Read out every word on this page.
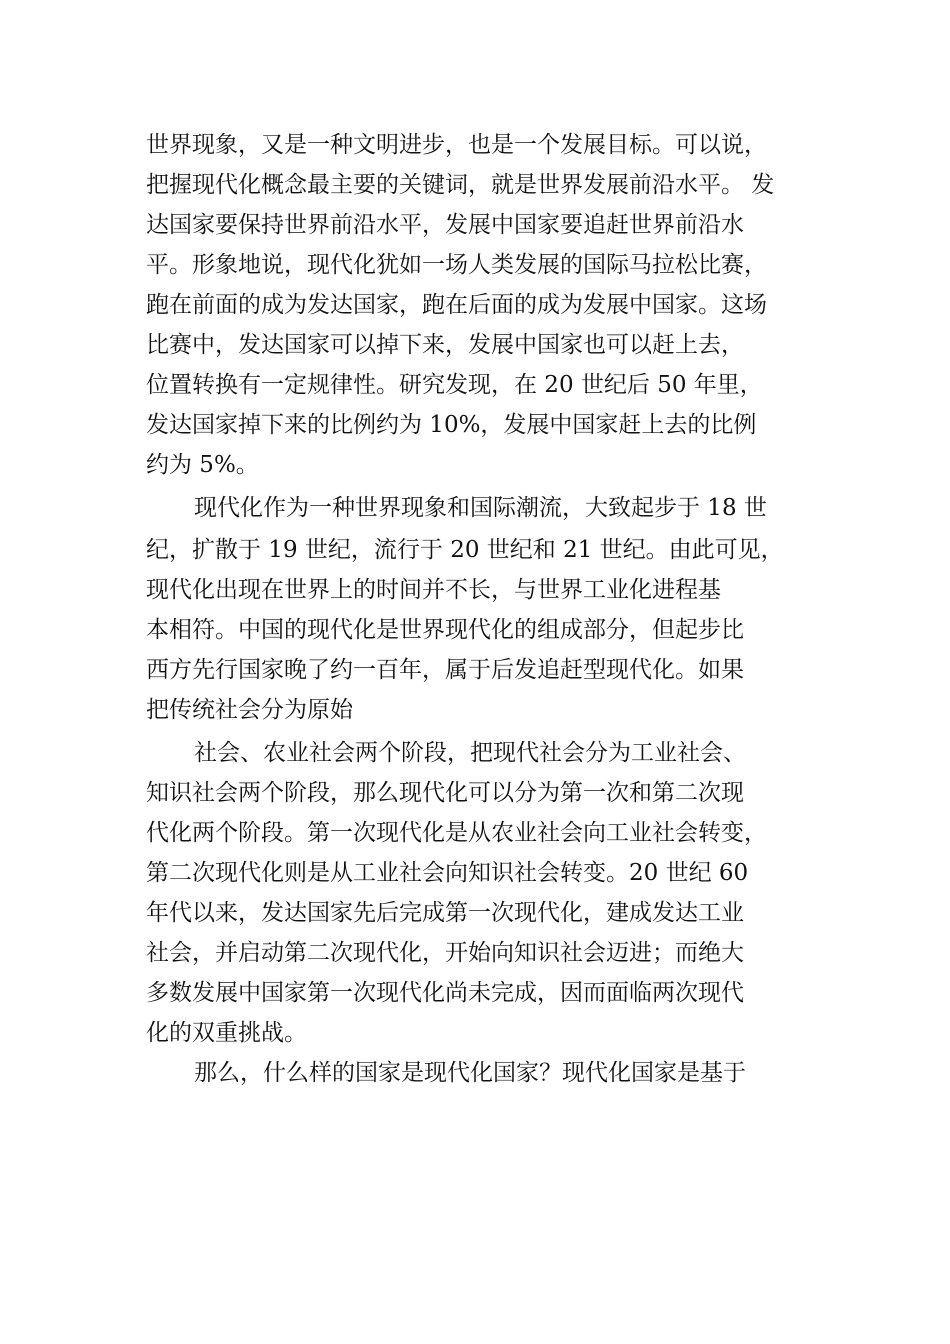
世界现象，又是一种文明进步，也是一个发展目标。可以说，
把握现代化概念最主要的关键词，就是世界发展前沿水平。 发
达国家要保持世界前沿水平，发展中国家要追赶世界前沿水
平。形象地说，现代化犹如一场人类发展的国际马拉松比赛，
跑在前面的成为发达国家，跑在后面的成为发展中国家。这场
比赛中，发达国家可以掉下来，发展中国家也可以赶上去，
位置转换有一定规律性。研究发现，在 20 世纪后 50 年里，
发达国家掉下来的比例约为 10%，发展中国家赶上去的比例
约为 5%。
现代化作为一种世界现象和国际潮流，大致起步于 18 世
纪，扩散于 19 世纪，流行于 20 世纪和 21 世纪。由此可见，
现代化出现在世界上的时间并不长，与世界工业化进程基
本相符。中国的现代化是世界现代化的组成部分，但起步比
西方先行国家晚了约一百年，属于后发追赶型现代化。如果
把传统社会分为原始
社会、农业社会两个阶段，把现代社会分为工业社会、
知识社会两个阶段，那么现代化可以分为第一次和第二次现
代化两个阶段。第一次现代化是从农业社会向工业社会转变，
第二次现代化则是从工业社会向知识社会转变。20 世纪 60
年代以来，发达国家先后完成第一次现代化，建成发达工业
社会，并启动第二次现代化，开始向知识社会迈进；而绝大
多数发展中国家第一次现代化尚未完成，因而面临两次现代
化的双重挑战。
那么，什么样的国家是现代化国家？现代化国家是基于
